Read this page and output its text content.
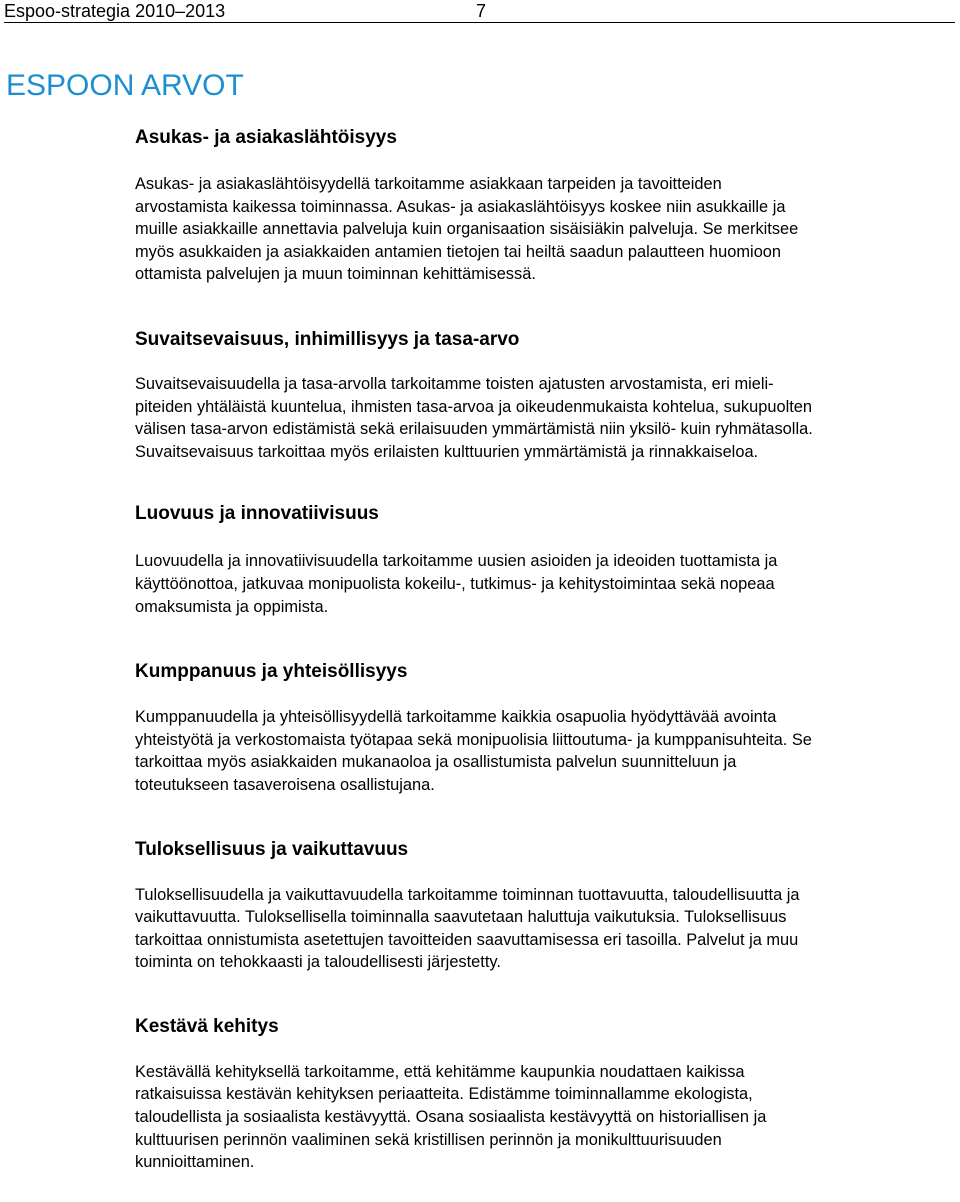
Espoo-strategia 2010–2013	7
ESPOON ARVOT
Asukas- ja asiakaslähtöisyys

Asukas- ja asiakaslähtöisyydellä tarkoitamme asiakkaan tarpeiden ja tavoitteiden
arvostamista kaikessa toiminnassa. Asukas- ja asiakaslähtöisyys koskee niin asukkaille ja
muille asiakkaille annettavia palveluja kuin organisaation sisäisiäkin palveluja. Se merkitsee
myös asukkaiden ja asiakkaiden antamien tietojen tai heiltä saadun palautteen huomioon
ottamista palvelujen ja muun toiminnan kehittämisessä.

Suvaitsevaisuus, inhimillisyys ja tasa-arvo

Suvaitsevaisuudella ja tasa-arvolla tarkoitamme toisten ajatusten arvostamista, eri mieli-
piteiden yhtäläistä kuuntelua, ihmisten tasa-arvoa ja oikeudenmukaista kohtelua, sukupuolten
välisen tasa-arvon edistämistä sekä erilaisuuden ymmärtämistä niin yksilö- kuin ryhmätasolla.
Suvaitsevaisuus tarkoittaa myös erilaisten kulttuurien ymmärtämistä ja rinnakkaiseloa.

Luovuus ja innovatiivisuus

Luovuudella ja innovatiivisuudella tarkoitamme uusien asioiden ja ideoiden tuottamista ja
käyttöönottoa, jatkuvaa monipuolista kokeilu-, tutkimus- ja kehitystoimintaa sekä nopeaa
omaksumista ja oppimista.

Kumppanuus ja yhteisöllisyys

Kumppanuudella ja yhteisöllisyydellä tarkoitamme kaikkia osapuolia hyödyttävää avointa
yhteistyötä ja verkostomaista työtapaa sekä monipuolisia liittoutuma- ja kumppanisuhteita. Se
tarkoittaa myös asiakkaiden mukanaoloa ja osallistumista palvelun suunnitteluun ja
toteutukseen tasaveroisena osallistujana.

Tuloksellisuus ja vaikuttavuus

Tuloksellisuudella ja vaikuttavuudella tarkoitamme toiminnan tuottavuutta, taloudellisuutta ja
vaikuttavuutta. Tuloksellisella toiminnalla saavutetaan haluttuja vaikutuksia. Tuloksellisuus
tarkoittaa onnistumista asetettujen tavoitteiden saavuttamisessa eri tasoilla. Palvelut ja muu
toiminta on tehokkaasti ja taloudellisesti järjestetty.

Kestävä kehitys

Kestävällä kehityksellä tarkoitamme, että kehitämme kaupunkia noudattaen kaikissa
ratkaisuissa kestävän kehityksen periaatteita. Edistämme toiminnallamme ekologista,
taloudellista ja sosiaalista kestävyyttä. Osana sosiaalista kestävyyttä on historiallisen ja
kulttuurisen perinnön vaaliminen sekä kristillisen perinnön ja monikulttuurisuuden
kunnioittaminen.
